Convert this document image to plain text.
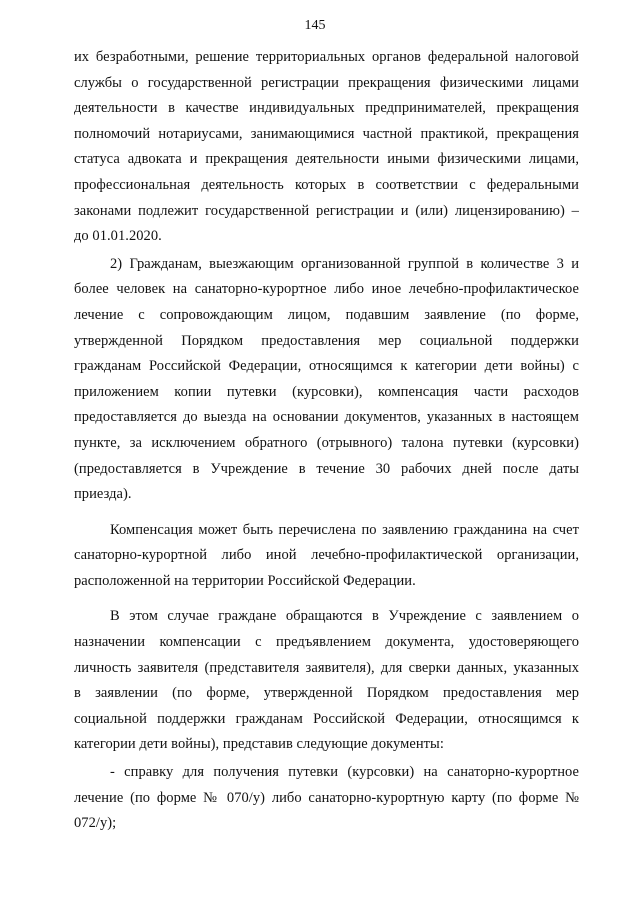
145

их безработными, решение территориальных органов федеральной налоговой
службы о государственной регистрации прекращения физическими лицами
деятельности в качестве индивидуальных предпринимателей, прекращения
полномочий нотариусами, занимающимися частной практикой, прекращения
статуса адвоката и прекращения деятельности иными физическими лицами,
профессиональная деятельность которых в соответствии с федеральными
законами подлежит государственной регистрации и (или) лицензированию) –
до 01.01.2020.

2) Гражданам, выезжающим организованной группой в количестве 3 и
более человек на санаторно-курортное либо иное лечебно-профилактическое
лечение с сопровождающим лицом, подавшим заявление (по форме,
утвержденной Порядком предоставления мер социальной поддержки
гражданам Российской Федерации, относящимся к категории дети войны) с
приложением копии путевки (курсовки), компенсация части расходов
предоставляется до выезда на основании документов, указанных в настоящем
пункте, за исключением обратного (отрывного) талона путевки (курсовки)
(предоставляется в Учреждение в течение 30 рабочих дней после даты
приезда).

Компенсация может быть перечислена по заявлению гражданина на счет
санаторно-курортной либо иной лечебно-профилактической организации,
расположенной на территории Российской Федерации.

В этом случае граждане обращаются в Учреждение с заявлением о
назначении компенсации с предъявлением документа, удостоверяющего
личность заявителя (представителя заявителя), для сверки данных, указанных
в заявлении (по форме, утвержденной Порядком предоставления мер
социальной поддержки гражданам Российской Федерации, относящимся к
категории дети войны), представив следующие документы:

- справку для получения путевки (курсовки) на санаторно-курортное
лечение (по форме № 070/у) либо санаторно-курортную карту (по форме №
072/у);
